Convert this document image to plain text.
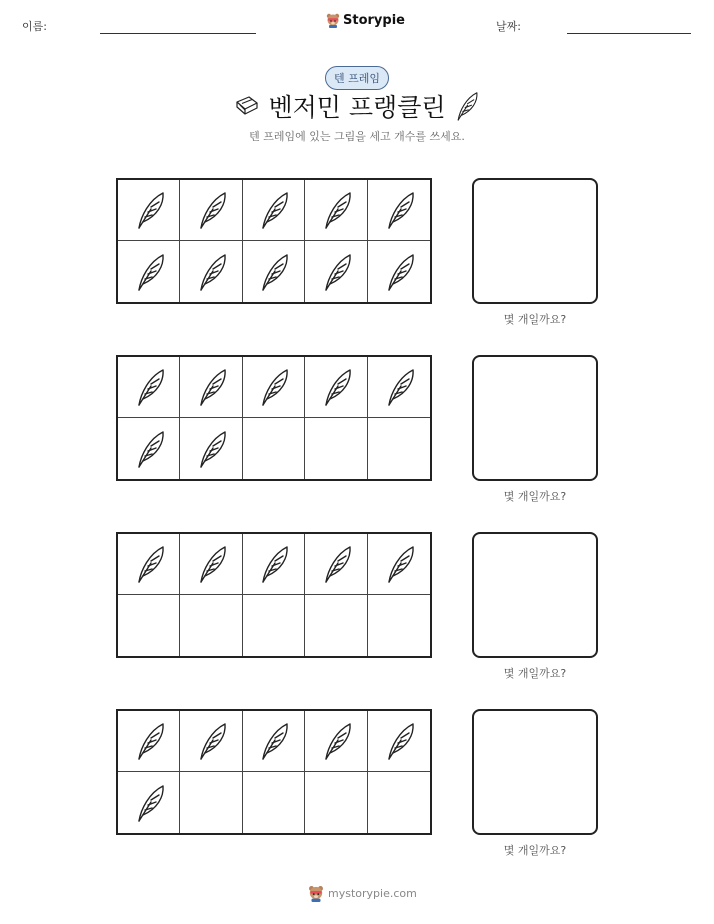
이름:	Storypie	날짜:
텐 프레임
벤저민 프랭클린
텐 프레임에 있는 그림을 세고 개수를 쓰세요.
몇 개일까요?
몇 개일까요?
몇 개일까요?
몇 개일까요?
mystorypie.com
